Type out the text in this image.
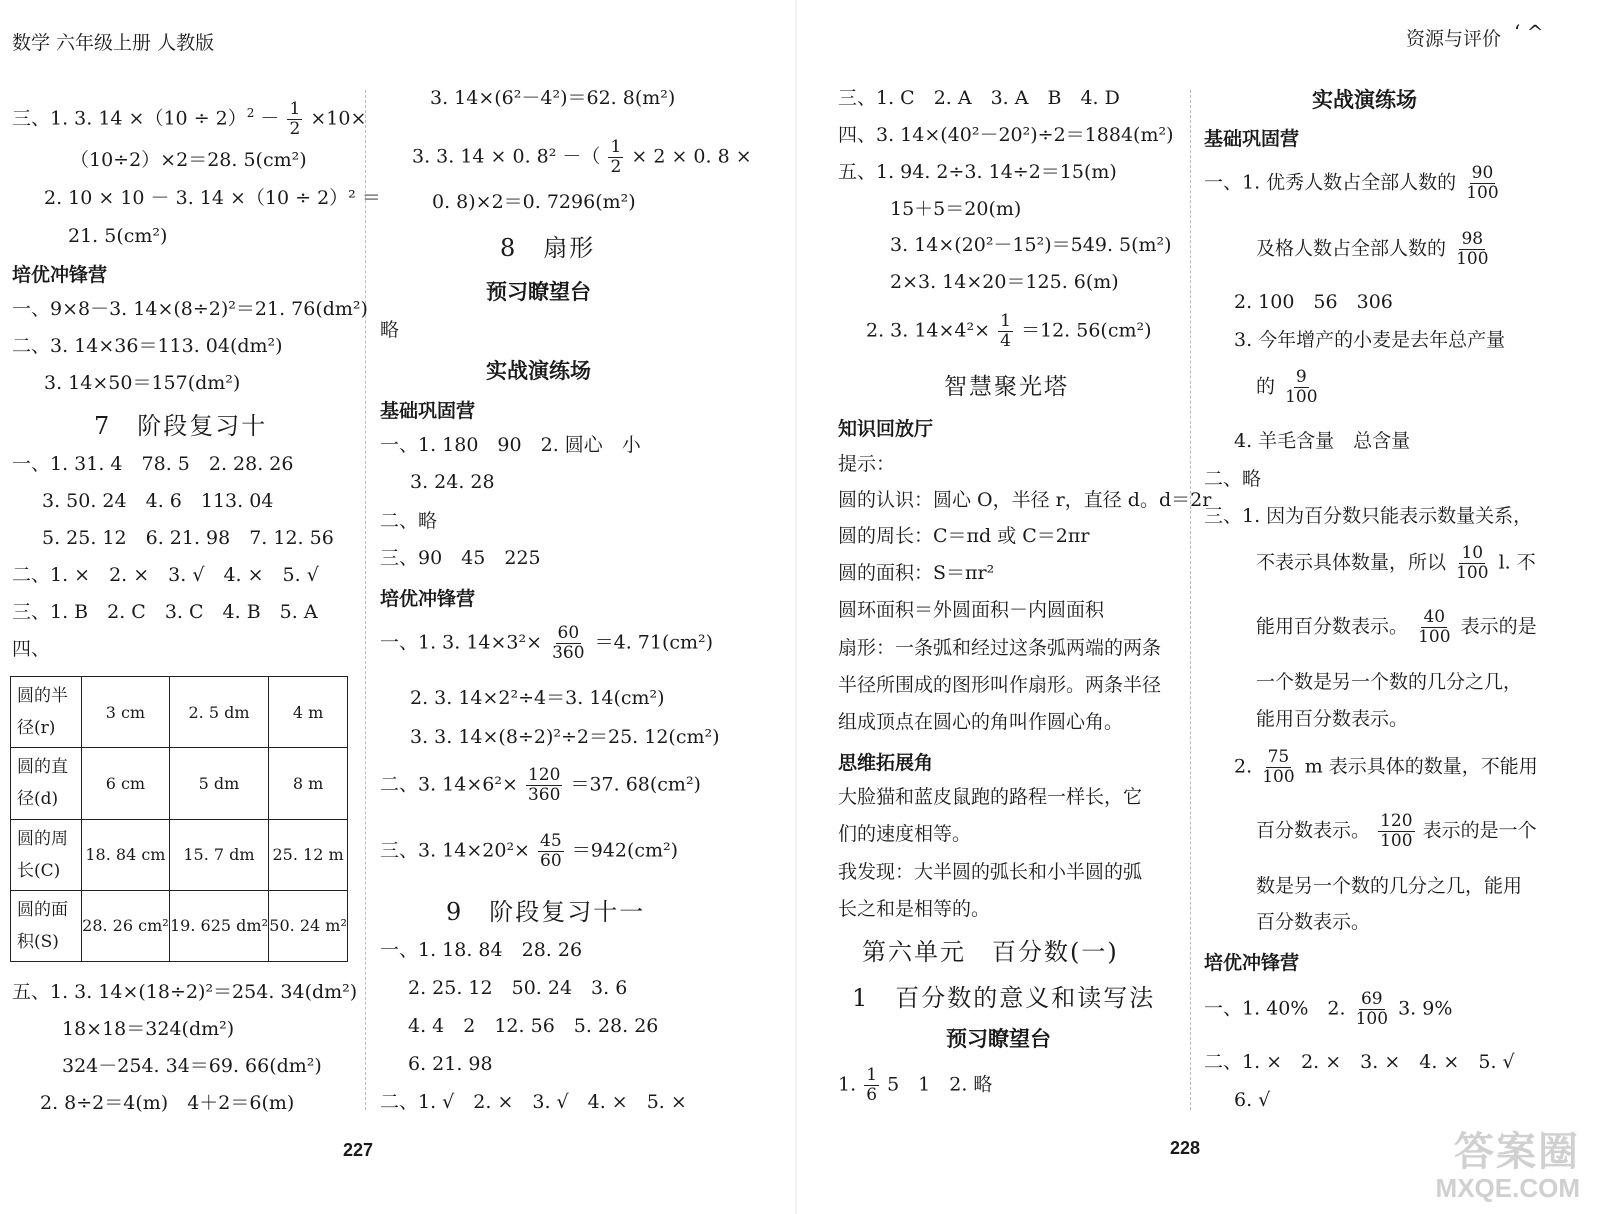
数学 六年级上册 人教版	资源与评价 ‘ ^
三、1. 3. $14 \times(10 \div 2)^2 - \frac{1}{2} \times 10\times$
（10÷2）×2＝28. 5(cm²)
2. 10 × 10 － 3. 14 ×（10 ÷ 2）² ＝
21. 5(cm²)
培优冲锋营
一、9×8－3. 14×(8÷2)²＝21. 76(dm²)
二、3. 14×36＝113. 04(dm²)
3. 14×50＝157(dm²)
7　阶段复习十
一、1. 31. 4　78. 5　2. 28. 26
3. 50. 24　4. 6　113. 04
5. 25. 12　6. 21. 98　7. 12. 56
二、1. ×　2. ×　3. √　4. ×　5. √
三、1. B　2. C　3. C　4. B　5. A
四、
圆的半径(r)	3 cm	2. 5 dm	4 m
圆的直径(d)	6 cm	5 dm	8 m
圆的周长(C)	18. 84 cm	15. 7 dm	25. 12 m
圆的面积(S)	28. 26 cm²	19. 625 dm²	50. 24 m²
五、1. 3. 14×(18÷2)²＝254. 34(dm²)
18×18＝324(dm²)
324－254. 34＝69. 66(dm²)
2. 8÷2＝4(m)　4＋2＝6(m)
3. 14×(6²－4²)＝62. 8(m²)
3. 3. 14 × 0. 8² －（ $\frac{1}{2} \times 2 \times 0$. 8 ×
0. 8)×2＝0. 7296(m²)
8　扇形
预习瞭望台
略
实战演练场
基础巩固营
一、1. 180　90　2. 圆心　小
3. 24. 28
二、略
三、90　45　225
培优冲锋营
一、1. 3. $14\times 3^2\times \frac{60}{360} =4$. 71(cm²)
2. 3. 14×2²÷4＝3. 14(cm²)
3. 3. 14×(8÷2)²÷2＝25. 12(cm²)
二、3. $14\times 6^2\times \frac{120}{360} =37$. 68(cm²)
三、3. $14\times 20^2\times \frac{45}{60} =942(cm^2)$
9　阶段复习十一
一、1. 18. 84　28. 26
2. 25. 12　50. 24　3. 6
4. 4　2　12. 56　5. 28. 26
6. 21. 98
二、1. √　2. ×　3. √　4. ×　5. ×
227
三、1. C　2. A　3. A　B　4. D
四、3. 14×(40²－20²)÷2＝1884(m²)
五、1. 94. 2÷3. 14÷2＝15(m)
15＋5＝20(m)
3. 14×(20²－15²)＝549. 5(m²)
2×3. 14×20＝125. 6(m)
2. 3. $14\times 4^2\times \frac{1}{4} =12$. 56(cm²)
智慧聚光塔
知识回放厅
提示：
圆的认识：圆心 O，半径 r，直径 d。d＝2r
圆的周长：C＝πd 或 C＝2πr
圆的面积：S＝πr²
圆环面积＝外圆面积－内圆面积
扇形：一条弧和经过这条弧两端的两条
半径所围成的图形叫作扇形。两条半径
组成顶点在圆心的角叫作圆心角。
思维拓展角
大脸猫和蓝皮鼠跑的路程一样长，它
们的速度相等。
我发现：大半圆的弧长和小半圆的弧
长之和是相等的。
第六单元　百分数(一)
1　百分数的意义和读写法
预习瞭望台
1. $\frac{1}{6} 5$　1　2. 略
228
实战演练场
基础巩固营
一、1. 优秀人数占全部人数的 $\frac{90}{100}$
及格人数占全部人数的 $\frac{98}{100}$
2. 100　56　306
3. 今年增产的小麦是去年总产量
的 $\frac{9}{100}$
4. 羊毛含量　总含量
二、略
三、1. 因为百分数只能表示数量关系，
不表示具体数量，所以 $\frac{10}{100} l$. 不
能用百分数表示。 $\frac{40}{100}$ 表示的是
一个数是另一个数的几分之几，
能用百分数表示。
2. $\frac{75}{100}$ m 表示具体的数量，不能用
百分数表示。 $\frac{120}{100}$ 表示的是一个
数是另一个数的几分之几，能用
百分数表示。
培优冲锋营
一、1. 40%　2. $\frac{69}{100} 3$. 9%
二、1. ×　2. ×　3. ×　4. ×　5. √
6. √
答案圈
MXQE.COM
